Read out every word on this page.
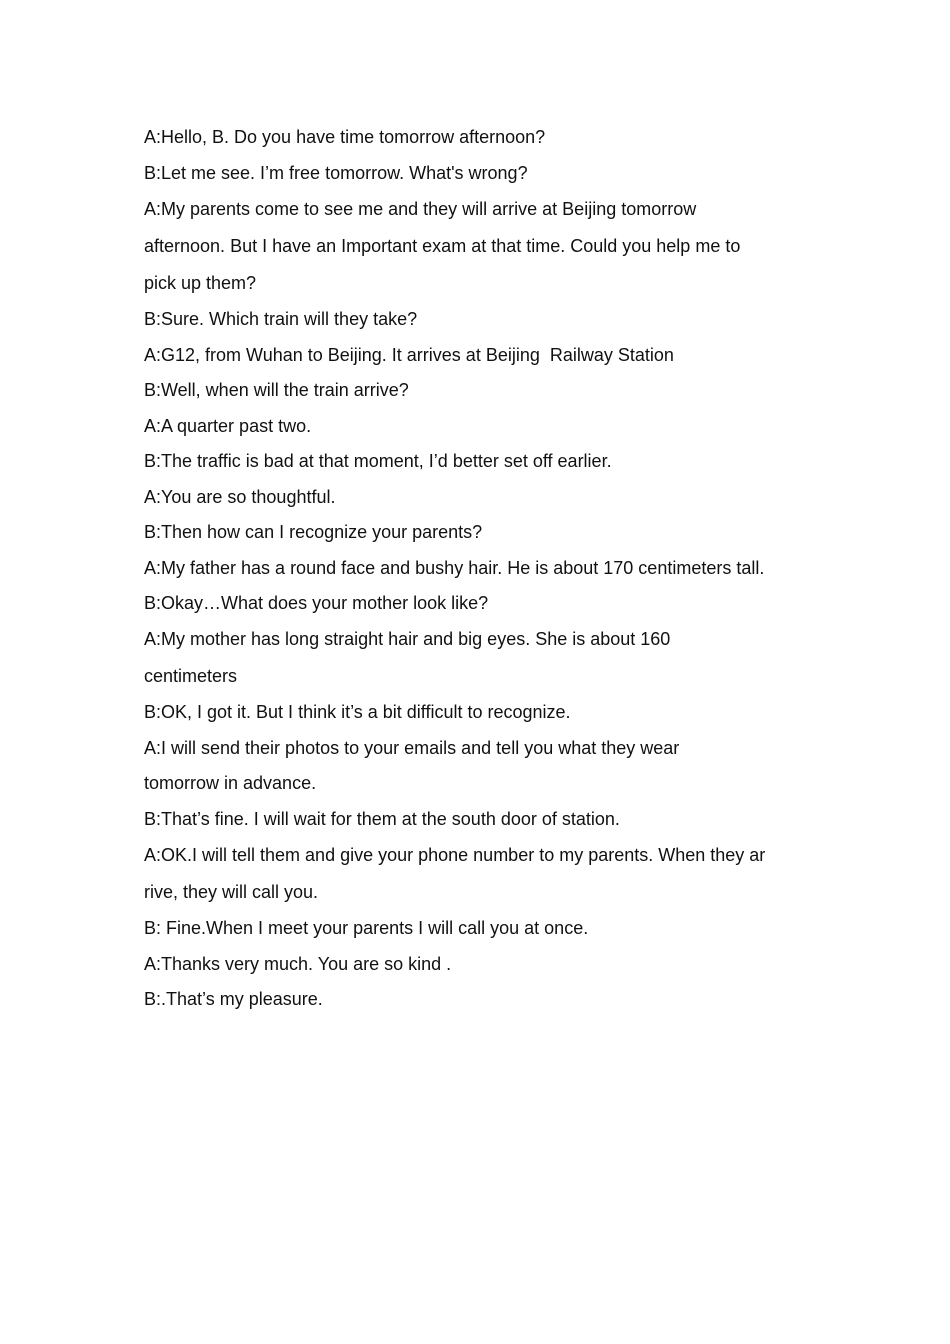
A:Hello, B. Do you have time tomorrow afternoon?
B:Let me see. I’m free tomorrow. What's wrong?
A:My parents come to see me and they will arrive at Beijing tomorrow
afternoon. But I have an Important exam at that time. Could you help me to
pick up them?
B:Sure. Which train will they take?
A:G12, from Wuhan to Beijing. It arrives at Beijing  Railway Station
B:Well, when will the train arrive?
A:A quarter past two.
B:The traffic is bad at that moment, I’d better set off earlier.
A:You are so thoughtful.
B:Then how can I recognize your parents?
A:My father has a round face and bushy hair. He is about 170 centimeters tall.
B:Okay…What does your mother look like?
A:My mother has long straight hair and big eyes. She is about 160
centimeters
B:OK, I got it. But I think it’s a bit difficult to recognize.
A:I will send their photos to your emails and tell you what they wear
tomorrow in advance.
B:That’s fine. I will wait for them at the south door of station.
A:OK.I will tell them and give your phone number to my parents. When they ar
rive, they will call you.
B: Fine.When I meet your parents I will call you at once.
A:Thanks very much. You are so kind .
B:.That’s my pleasure.
